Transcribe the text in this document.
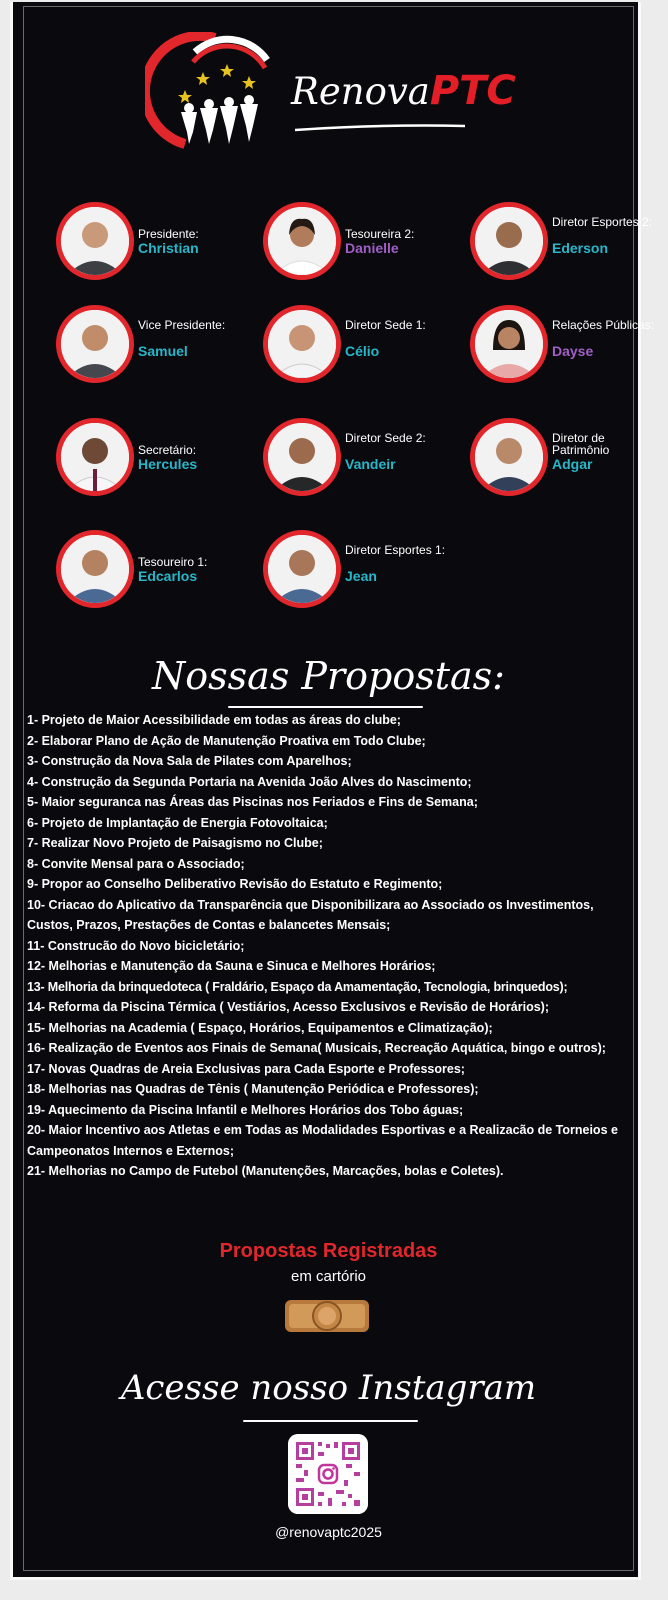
RenovaPTC
Presidente:
Christian
Tesoureira 2:
Danielle
Diretor Esportes 2:
Ederson
Vice Presidente:
Samuel
Diretor Sede 1:
Célio
Relações Públicas:
Dayse
Secretário:
Hercules
Diretor Sede 2:
Vandeir
Diretor de Patrimônio
Adgar
Tesoureiro 1:
Edcarlos
Diretor Esportes 1:
Jean
Nossas Propostas:
1- Projeto de Maior Acessibilidade em todas as áreas do clube;
2- Elaborar Plano de Ação de Manutenção Proativa em Todo Clube;
3- Construção da Nova Sala de Pilates com Aparelhos;
4- Construção da Segunda Portaria na Avenida João Alves do Nascimento;
5- Maior seguranca nas Áreas das Piscinas nos Feriados e Fins de Semana;
6- Projeto de Implantação de Energia Fotovoltaica;
7- Realizar Novo Projeto de Paisagismo no Clube;
8- Convite Mensal para o Associado;
9- Propor ao Conselho Deliberativo Revisão do Estatuto e Regimento;
10- Criacao do Aplicativo da Transparência que Disponibilizara ao Associado os Investimentos, Custos, Prazos, Prestações de Contas e balancetes Mensais;
11- Construcão do Novo bicicletário;
12- Melhorias e Manutenção da Sauna e Sinuca e Melhores Horários;
13- Melhoria da brinquedoteca ( Fraldário, Espaço da Amamentação, Tecnologia, brinquedos);
14- Reforma da Piscina Térmica ( Vestiários, Acesso Exclusivos e Revisão de Horários);
15- Melhorias na Academia ( Espaço, Horários, Equipamentos e Climatização);
16- Realização de Eventos aos Finais de Semana( Musicais, Recreação Aquática, bingo e outros);
17- Novas Quadras de Areia Exclusivas para Cada Esporte e Professores;
18- Melhorias nas Quadras de Tênis ( Manutenção Periódica e Professores);
19- Aquecimento da Piscina Infantil e Melhores Horários dos Tobo águas;
20- Maior Incentivo aos Atletas e em Todas as Modalidades Esportivas e a Realizacão de Torneios e Campeonatos Internos e Externos;
21- Melhorias no Campo de Futebol (Manutenções, Marcações, bolas e Coletes).
Propostas Registradas
em cartório
Acesse nosso Instagram
@renovaptc2025
